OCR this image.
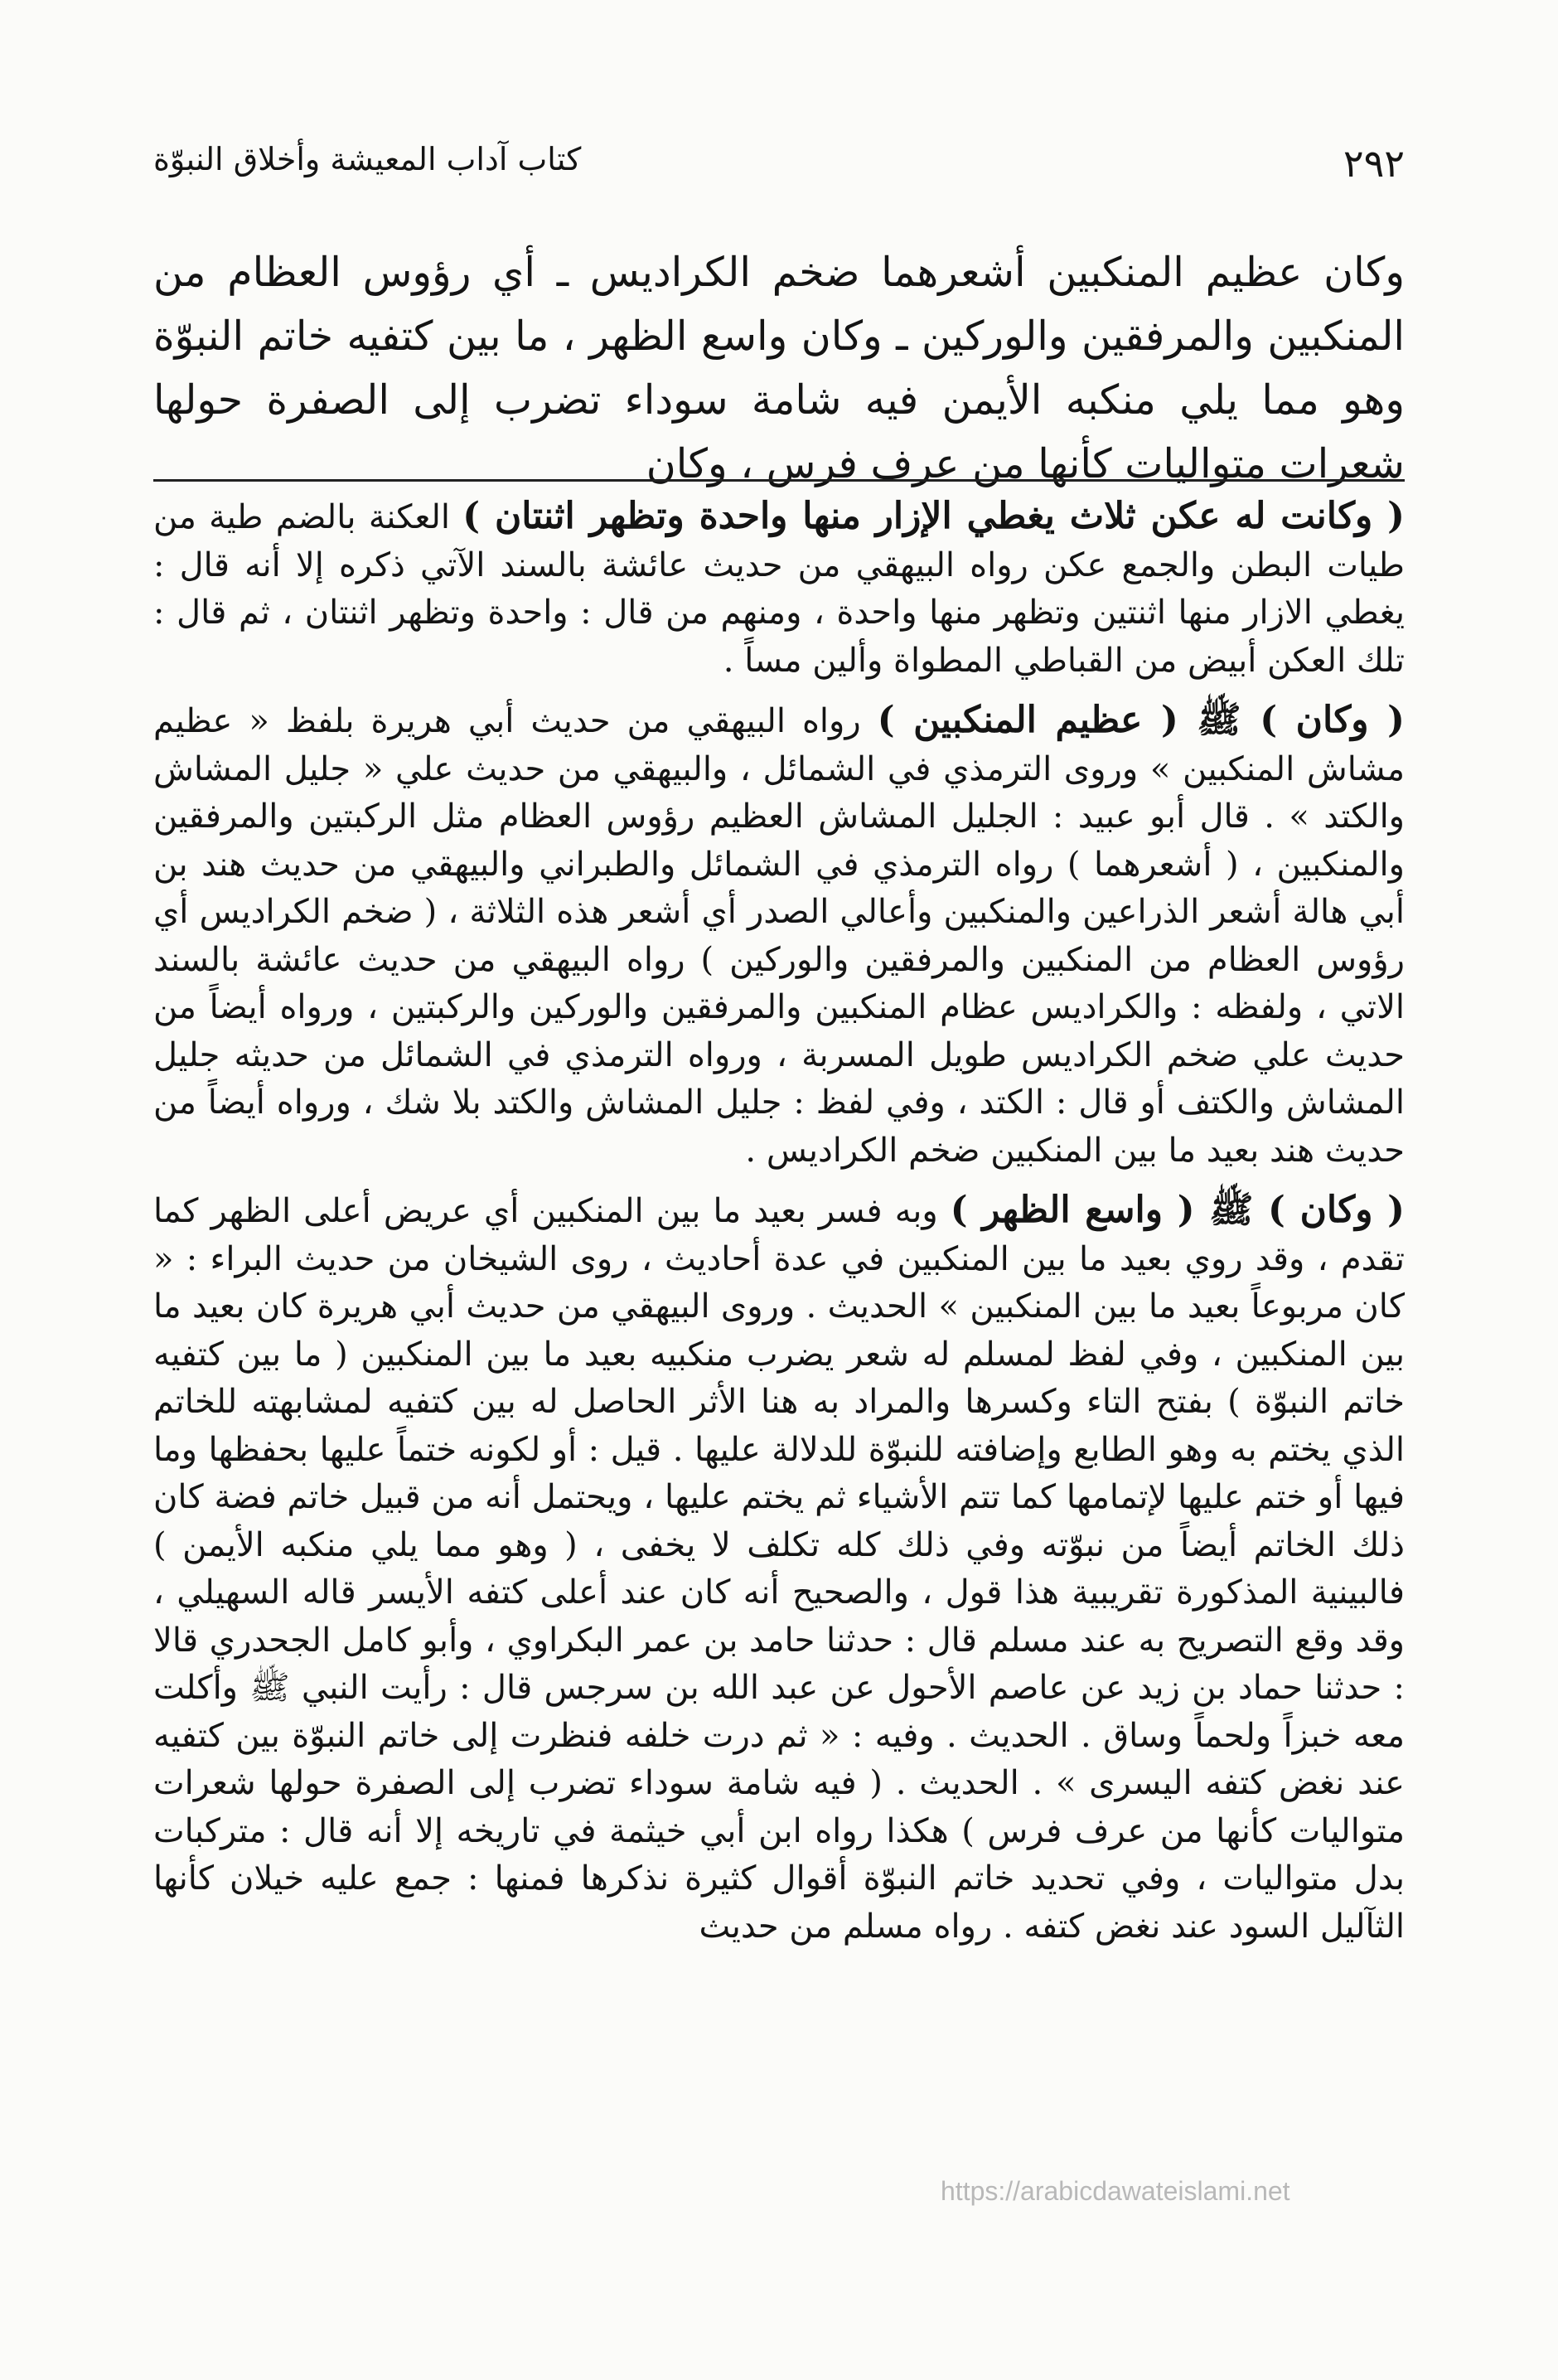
٢٩٢
كتاب آداب المعيشة وأخلاق النبوّة
وكان عظيم المنكبين أشعرهما ضخم الكراديس ـ أي رؤوس العظام من المنكبين والمرفقين والوركين ـ وكان واسع الظهر ، ما بين كتفيه خاتم النبوّة وهو مما يلي منكبه الأيمن فيه شامة سوداء تضرب إلى الصفرة حولها شعرات متواليات كأنها من عرف فرس ، وكان

( وكانت له عكن ثلاث يغطي الإزار منها واحدة وتظهر اثنتان ) العكنة بالضم طية من طيات البطن والجمع عكن رواه البيهقي من حديث عائشة بالسند الآتي ذكره إلا أنه قال : يغطي الازار منها اثنتين وتظهر منها واحدة ، ومنهم من قال : واحدة وتظهر اثنتان ، ثم قال : تلك العكن أبيض من القباطي المطواة وألين مساً .

( وكان ) ﷺ ( عظيم المنكبين ) رواه البيهقي من حديث أبي هريرة بلفظ « عظيم مشاش المنكبين » وروى الترمذي في الشمائل ، والبيهقي من حديث علي « جليل المشاش والكتد » . قال أبو عبيد : الجليل المشاش العظيم رؤوس العظام مثل الركبتين والمرفقين والمنكبين ، ( أشعرهما ) رواه الترمذي في الشمائل والطبراني والبيهقي من حديث هند بن أبي هالة أشعر الذراعين والمنكبين وأعالي الصدر أي أشعر هذه الثلاثة ، ( ضخم الكراديس أي رؤوس العظام من المنكبين والمرفقين والوركين ) رواه البيهقي من حديث عائشة بالسند الاتي ، ولفظه : والكراديس عظام المنكبين والمرفقين والوركين والركبتين ، ورواه أيضاً من حديث علي ضخم الكراديس طويل المسربة ، ورواه الترمذي في الشمائل من حديثه جليل المشاش والكتف أو قال : الكتد ، وفي لفظ : جليل المشاش والكتد بلا شك ، ورواه أيضاً من حديث هند بعيد ما بين المنكبين ضخم الكراديس .

( وكان ) ﷺ ( واسع الظهر ) وبه فسر بعيد ما بين المنكبين أي عريض أعلى الظهر كما تقدم ، وقد روي بعيد ما بين المنكبين في عدة أحاديث ، روى الشيخان من حديث البراء : « كان مربوعاً بعيد ما بين المنكبين » الحديث . وروى البيهقي من حديث أبي هريرة كان بعيد ما بين المنكبين ، وفي لفظ لمسلم له شعر يضرب منكبيه بعيد ما بين المنكبين ( ما بين كتفيه خاتم النبوّة ) بفتح التاء وكسرها والمراد به هنا الأثر الحاصل له بين كتفيه لمشابهته للخاتم الذي يختم به وهو الطابع وإضافته للنبوّة للدلالة عليها . قيل : أو لكونه ختماً عليها بحفظها وما فيها أو ختم عليها لإتمامها كما تتم الأشياء ثم يختم عليها ، ويحتمل أنه من قبيل خاتم فضة كان ذلك الخاتم أيضاً من نبوّته وفي ذلك كله تكلف لا يخفى ، ( وهو مما يلي منكبه الأيمن ) فالبينية المذكورة تقريبية هذا قول ، والصحيح أنه كان عند أعلى كتفه الأيسر قاله السهيلي ، وقد وقع التصريح به عند مسلم قال : حدثنا حامد بن عمر البكراوي ، وأبو كامل الجحدري قالا : حدثنا حماد بن زيد عن عاصم الأحول عن عبد الله بن سرجس قال : رأيت النبي ﷺ وأكلت معه خبزاً ولحماً وساق . الحديث . وفيه : « ثم درت خلفه فنظرت إلى خاتم النبوّة بين كتفيه عند نغض كتفه اليسرى » . الحديث . ( فيه شامة سوداء تضرب إلى الصفرة حولها شعرات متواليات كأنها من عرف فرس ) هكذا رواه ابن أبي خيثمة في تاريخه إلا أنه قال : متركبات بدل متواليات ، وفي تحديد خاتم النبوّة أقوال كثيرة نذكرها فمنها : جمع عليه خيلان كأنها الثآليل السود عند نغض كتفه . رواه مسلم من حديث

https://arabicdawateislami.net
